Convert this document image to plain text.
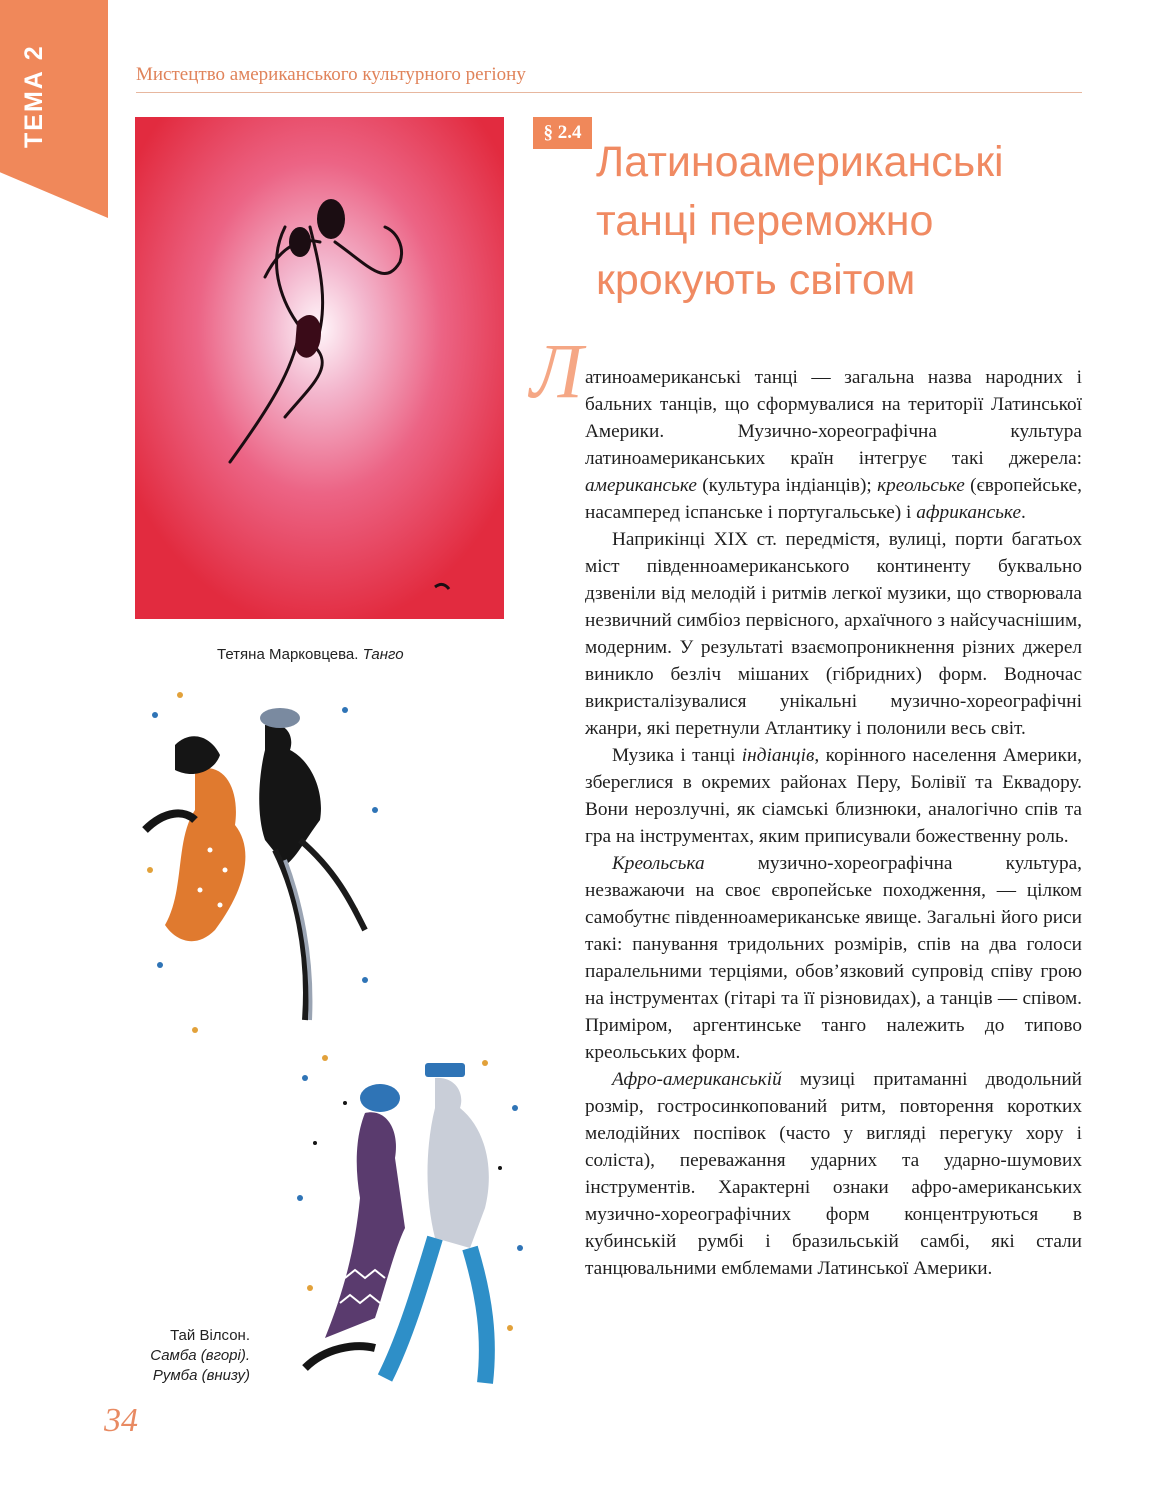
ТЕМА 2	Мистецтво американського культурного регіону
Тетяна Марковцева. Танго
Тай Вілсон.
Самба (вгорі).
Румба (внизу)
§ 2.4
Латиноамериканські
танці переможно
крокують світом
Л атиноамериканські танці — загальна назва народних і бальних танців, що сформувалися на території Латинської Америки. Музично-хореографічна культура латиноамериканських країн інтегрує такі джерела: американське (культура індіанців); креольське (європейське, насамперед іспанське і португальське) і африканське.

Наприкінці XIX ст. передмістя, вулиці, порти багатьох міст південноамериканського континенту буквально дзвеніли від мелодій і ритмів легкої музики, що створювала незвичний симбіоз первісного, архаїчного з найсучаснішим, модерним. У результаті взаємопроникнення різних джерел виникло безліч мішаних (гібридних) форм. Водночас викристалізувалися унікальні музично-хореографічні жанри, які перетнули Атлантику і полонили весь світ.

Музика і танці індіанців, корінного населення Америки, збереглися в окремих районах Перу, Болівії та Еквадору. Вони нерозлучні, як сіамські близнюки, аналогічно спів та гра на інструментах, яким приписували божественну роль.

Креольська музично-хореографічна культура, незважаючи на своє європейське походження, — цілком самобутнє південноамериканське явище. Загальні його риси такі: панування тридольних розмірів, спів на два голоси паралельними терціями, обов’язковий супровід співу грою на інструментах (гітарі та її різновидах), а танців — співом. Приміром, аргентинське танго належить до типово креольських форм.

Афро-американській музиці притаманні дводольний розмір, гостросинкопований ритм, повторення коротких мелодійних поспівок (часто у вигляді перегуку хору і соліста), переважання ударних та ударно-шумових інструментів. Характерні ознаки афро-американських музично-хореографічних форм концентруються в кубинській румбі і бразильській самбі, які стали танцювальними емблемами Латинської Америки.

34
